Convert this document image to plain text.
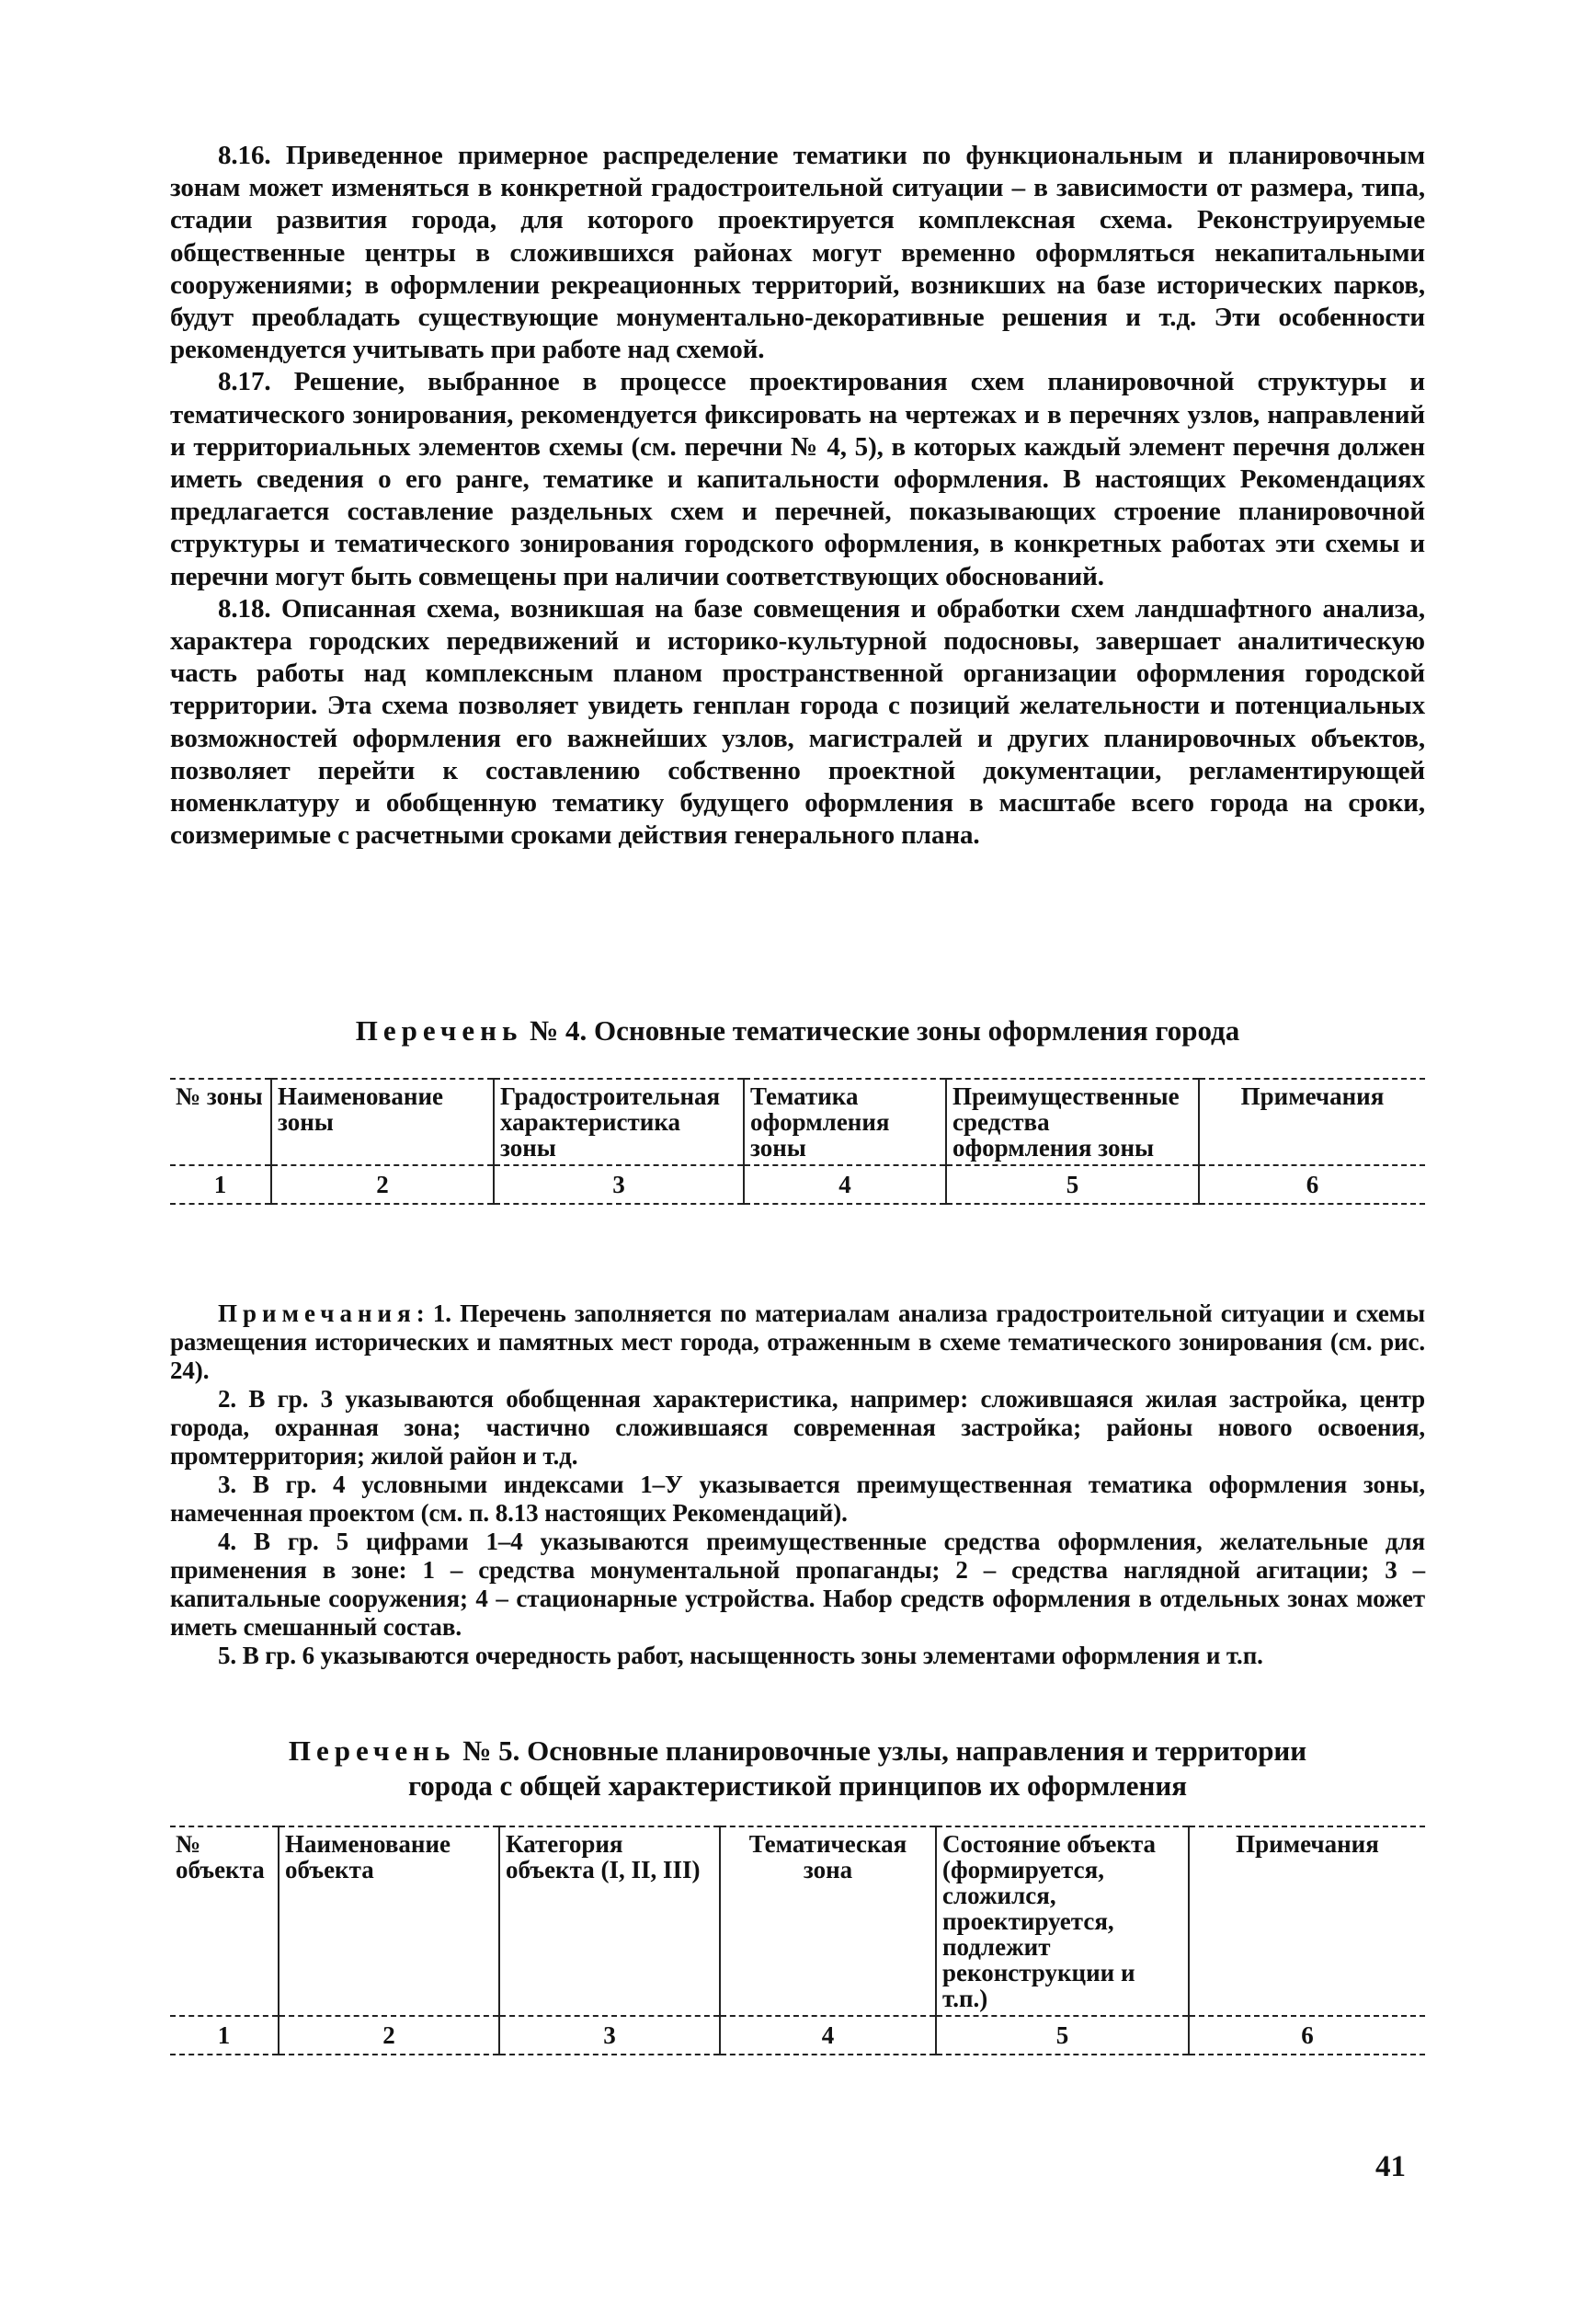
8.16. Приведенное примерное распределение тематики по функциональным и планировочным зонам может изменяться в конкретной градостроительной ситуации – в зависимости от размера, типа, стадии развития города, для которого проектируется комплексная схема. Реконструируемые общественные центры в сложившихся районах могут временно оформляться некапитальными сооружениями; в оформлении рекреационных территорий, возникших на базе исторических парков, будут преобладать существующие монументально-декоративные решения и т.д. Эти особенности рекомендуется учитывать при работе над схемой.

8.17. Решение, выбранное в процессе проектирования схем планировочной структуры и тематического зонирования, рекомендуется фиксировать на чертежах и в перечнях узлов, направлений и территориальных элементов схемы (см. перечни № 4, 5), в которых каждый элемент перечня должен иметь сведения о его ранге, тематике и капитальности оформления. В настоящих Рекомендациях предлагается составление раздельных схем и перечней, показывающих строение планировочной структуры и тематического зонирования городского оформления, в конкретных работах эти схемы и перечни могут быть совмещены при наличии соответствующих обоснований.

8.18. Описанная схема, возникшая на базе совмещения и обработки схем ландшафтного анализа, характера городских передвижений и историко-культурной подосновы, завершает аналитическую часть работы над комплексным планом пространственной организации оформления городской территории. Эта схема позволяет увидеть генплан города с позиций желательности и потенциальных возможностей оформления его важнейших узлов, магистралей и других планировочных объектов, позволяет перейти к составлению собственно проектной документации, регламентирующей номенклатуру и обобщенную тематику будущего оформления в масштабе всего города на сроки, соизмеримые с расчетными сроками действия генерального плана.

Перечень № 4. Основные тематические зоны оформления города
№ зоны	Наименование зоны	Градостроительная характеристика зоны	Тематика оформления зоны	Преимущественные средства оформления зоны	Примечания
1	2	3	4	5	6

Примечания: 1. Перечень заполняется по материалам анализа градостроительной ситуации и схемы размещения исторических и памятных мест города, отраженным в схеме тематического зонирования (см. рис. 24).

2. В гр. 3 указываются обобщенная характеристика, например: сложившаяся жилая застройка, центр города, охранная зона; частично сложившаяся современная застройка; районы нового освоения, промтерритория; жилой район и т.д.

3. В гр. 4 условными индексами 1–У указывается преимущественная тематика оформления зоны, намеченная проектом (см. п. 8.13 настоящих Рекомендаций).

4. В гр. 5 цифрами 1–4 указываются преимущественные средства оформления, желательные для применения в зоне: 1 – средства монументальной пропаганды; 2 – средства наглядной агитации; 3 – капитальные сооружения; 4 – стационарные устройства. Набор средств оформления в отдельных зонах может иметь смешанный состав.

5. В гр. 6 указываются очередность работ, насыщенность зоны элементами оформления и т.п.

Перечень № 5. Основные планировочные узлы, направления и территории
города с общей характеристикой принципов их оформления
№ объекта	Наименование объекта	Категория объекта (I, II, III)	Тематическая зона	Состояние объекта (формируется, сложился, проектируется, подлежит реконструкции и т.п.)	Примечания
1	2	3	4	5	6
41
